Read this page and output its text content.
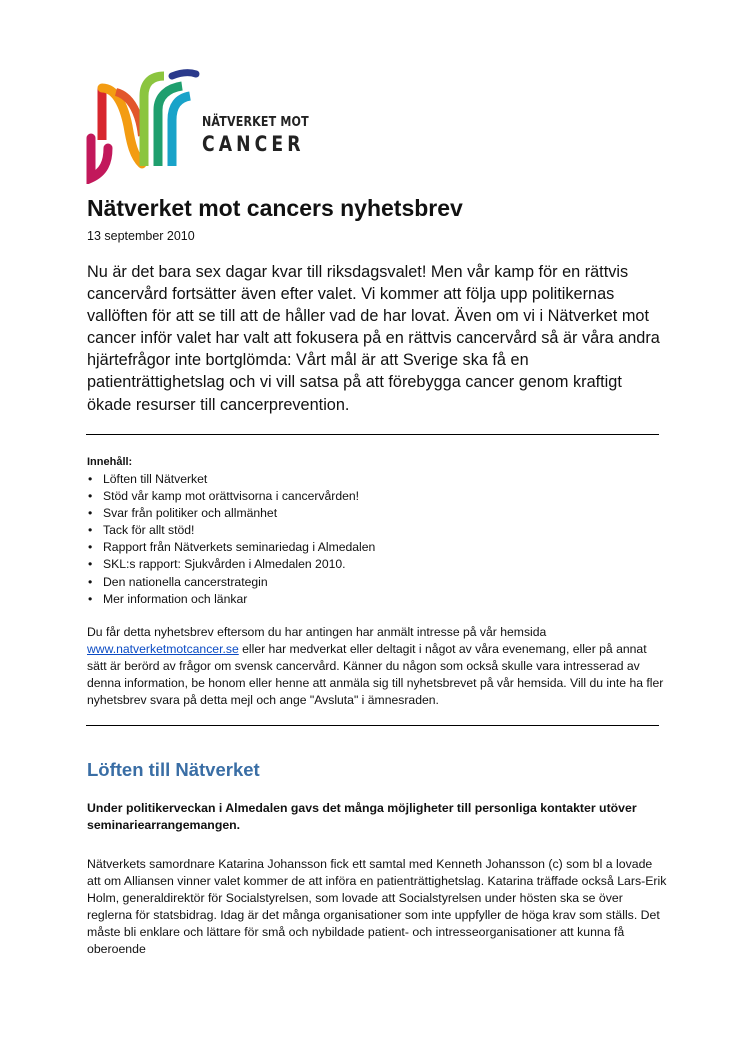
NÄTVERKET MOT
CANCER
Nätverket mot cancers nyhetsbrev
13 september 2010

Nu är det bara sex dagar kvar till riksdagsvalet! Men vår kamp för en rättvis cancervård fortsätter även efter valet. Vi kommer att följa upp politikernas vallöften för att se till att de håller vad de har lovat. Även om vi i Nätverket mot cancer inför valet har valt att fokusera på en rättvis cancervård så är våra andra hjärtefrågor inte bortglömda: Vårt mål är att Sverige ska få en patienträttighetslag och vi vill satsa på att förebygga cancer genom kraftigt ökade resurser till cancerprevention.

Innehåll:
• Löften till Nätverket
• Stöd vår kamp mot orättvisorna i cancervården!
• Svar från politiker och allmänhet
• Tack för allt stöd!
• Rapport från Nätverkets seminariedag i Almedalen
• SKL:s rapport: Sjukvården i Almedalen 2010.
• Den nationella cancerstrategin
• Mer information och länkar

Du får detta nyhetsbrev eftersom du har antingen har anmält intresse på vår hemsida www.natverketmotcancer.se eller har medverkat eller deltagit i något av våra evenemang, eller på annat sätt är berörd av frågor om svensk cancervård. Känner du någon som också skulle vara intresserad av denna information, be honom eller henne att anmäla sig till nyhetsbrevet på vår hemsida. Vill du inte ha fler nyhetsbrev svara på detta mejl och ange "Avsluta" i ämnesraden.

Löften till Nätverket

Under politikerveckan i Almedalen gavs det många möjligheter till personliga kontakter utöver seminariearrangemangen.

Nätverkets samordnare Katarina Johansson fick ett samtal med Kenneth Johansson (c) som bl a lovade att om Alliansen vinner valet kommer de att införa en patienträttighetslag. Katarina träffade också Lars-Erik Holm, generaldirektör för Socialstyrelsen, som lovade att Socialstyrelsen under hösten ska se över reglerna för statsbidrag. Idag är det många organisationer som inte uppfyller de höga krav som ställs. Det måste bli enklare och lättare för små och nybildade patient- och intresseorganisationer att kunna få oberoende
